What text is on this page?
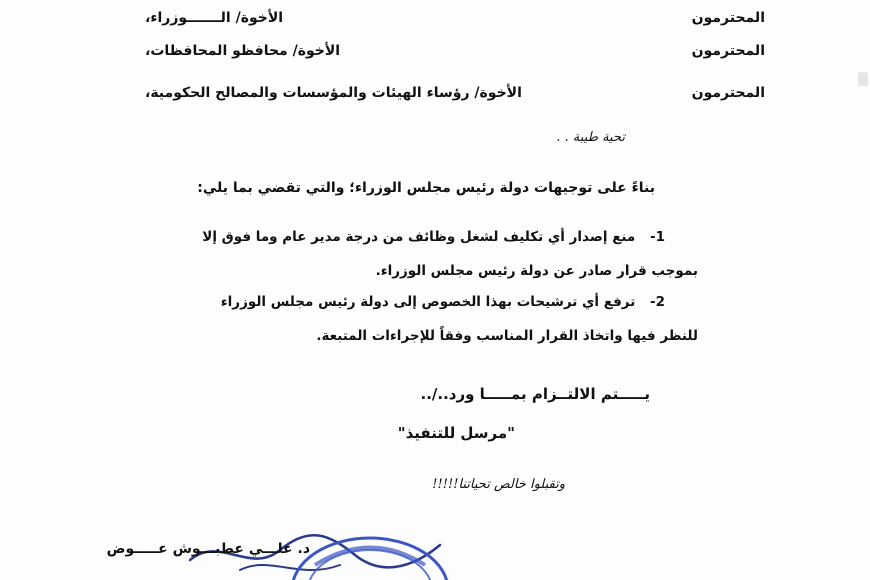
الأخوة/ الـــــــوزراء،	المحترمون
الأخوة/ محافظو المحافظات،	المحترمون
الأخوة/ رؤساء الهيئات والمؤسسات والمصالح الحكومية،	المحترمون
تحية طيبة . .
بناءً على توجيهات دولة رئيس مجلس الوزراء؛ والتي تقضي بما يلي:
1- منع إصدار أي تكليف لشغل وظائف من درجة مدير عام وما فوق إلا
بموجب قرار صادر عن دولة رئيس مجلس الوزراء.
2- ترفع أي ترشيحات بهذا الخصوص إلى دولة رئيس مجلس الوزراء
للنظر فيها واتخاذ القرار المناسب وفقاً للإجراءات المتبعة.
يـــــتم الالتــزام بمـــــا ورد../..
"مرسل للتنفيذ"
وتقبلوا خالص تحياتنا!!!!!
د. علـــي عطبـــوش عـــــوض
